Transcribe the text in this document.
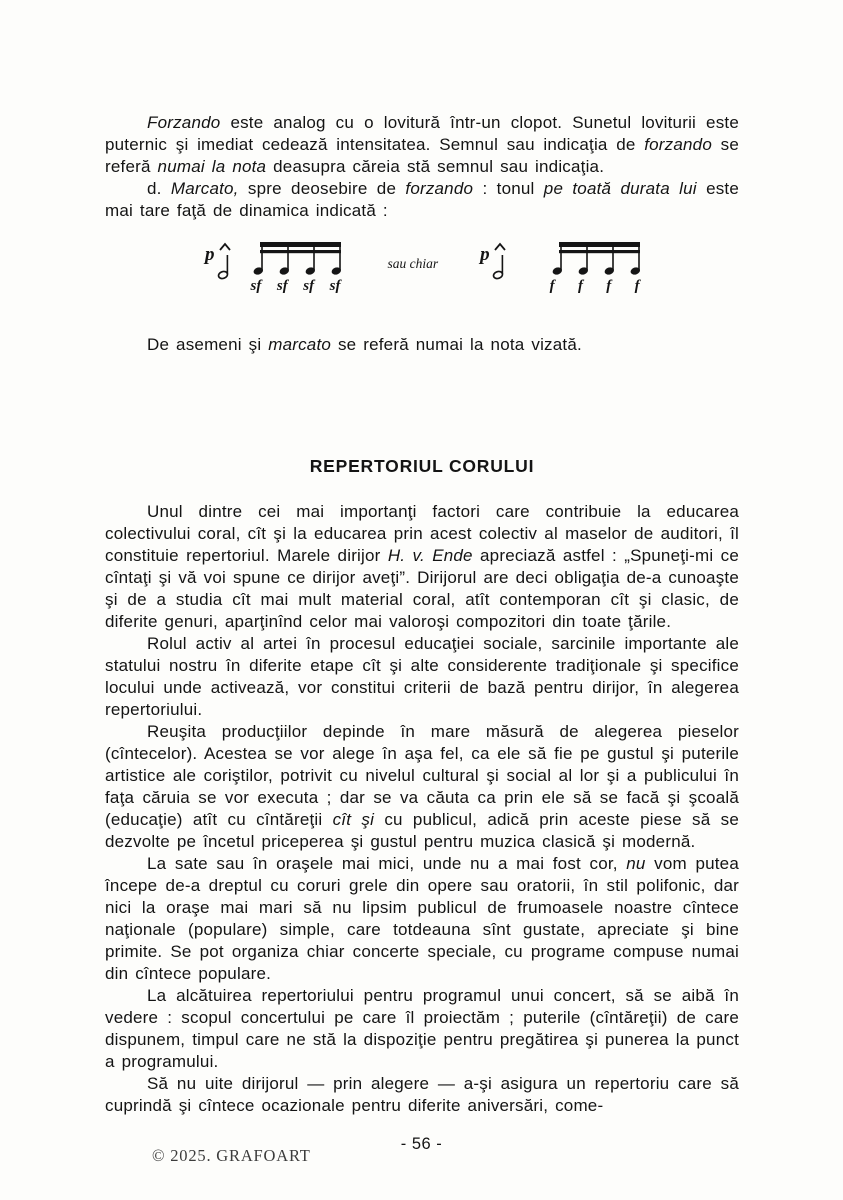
Forzando este analog cu o lovitură într-un clopot. Sunetul loviturii este puternic şi imediat cedează intensitatea. Semnul sau indicaţia de forzando se referă numai la nota deasupra căreia stă semnul sau indicaţia.

d. Marcato, spre deosebire de forzando : tonul pe toată durata lui este mai tare faţă de dinamica indicată :

p
sf sf sf sf
sau chiar p
f f f f

De asemeni şi marcato se referă numai la nota vizată.

REPERTORIUL CORULUI

Unul dintre cei mai importanţi factori care contribuie la educarea colectivului coral, cît şi la educarea prin acest colectiv al maselor de auditori, îl constituie repertoriul. Marele dirijor H. v. Ende apreciază astfel : „Spuneţi-mi ce cîntaţi şi vă voi spune ce dirijor aveţi”. Dirijorul are deci obligaţia de-a cunoaşte şi de a studia cît mai mult material coral, atît contemporan cît şi clasic, de diferite genuri, aparţinînd celor mai valoroşi compozitori din toate ţările.

Rolul activ al artei în procesul educaţiei sociale, sarcinile importante ale statului nostru în diferite etape cît şi alte considerente tradiţionale şi specifice locului unde activează, vor constitui criterii de bază pentru dirijor, în alegerea repertoriului.

Reuşita producţiilor depinde în mare măsură de alegerea pieselor (cîntecelor). Acestea se vor alege în aşa fel, ca ele să fie pe gustul şi puterile artistice ale coriştilor, potrivit cu nivelul cultural şi social al lor şi a publicului în faţa căruia se vor executa ; dar se va căuta ca prin ele să se facă şi şcoală (educaţie) atît cu cîntăreţii cît şi cu publicul, adică prin aceste piese să se dezvolte pe încetul priceperea şi gustul pentru muzica clasică şi modernă.

La sate sau în oraşele mai mici, unde nu a mai fost cor, nu vom putea începe de-a dreptul cu coruri grele din opere sau oratorii, în stil polifonic, dar nici la oraşe mai mari să nu lipsim publicul de frumoasele noastre cîntece naţionale (populare) simple, care totdeauna sînt gustate, apreciate şi bine primite. Se pot organiza chiar concerte speciale, cu programe compuse numai din cîntece populare.

La alcătuirea repertoriului pentru programul unui concert, să se aibă în vedere : scopul concertului pe care îl proiectăm ; puterile (cîntăreţii) de care dispunem, timpul care ne stă la dispoziţie pentru pregătirea şi punerea la punct a programului.

Să nu uite dirijorul — prin alegere — a-şi asigura un repertoriu care să cuprindă şi cîntece ocazionale pentru diferite aniversări, come-

- 56 -
© 2025. GRAFOART
